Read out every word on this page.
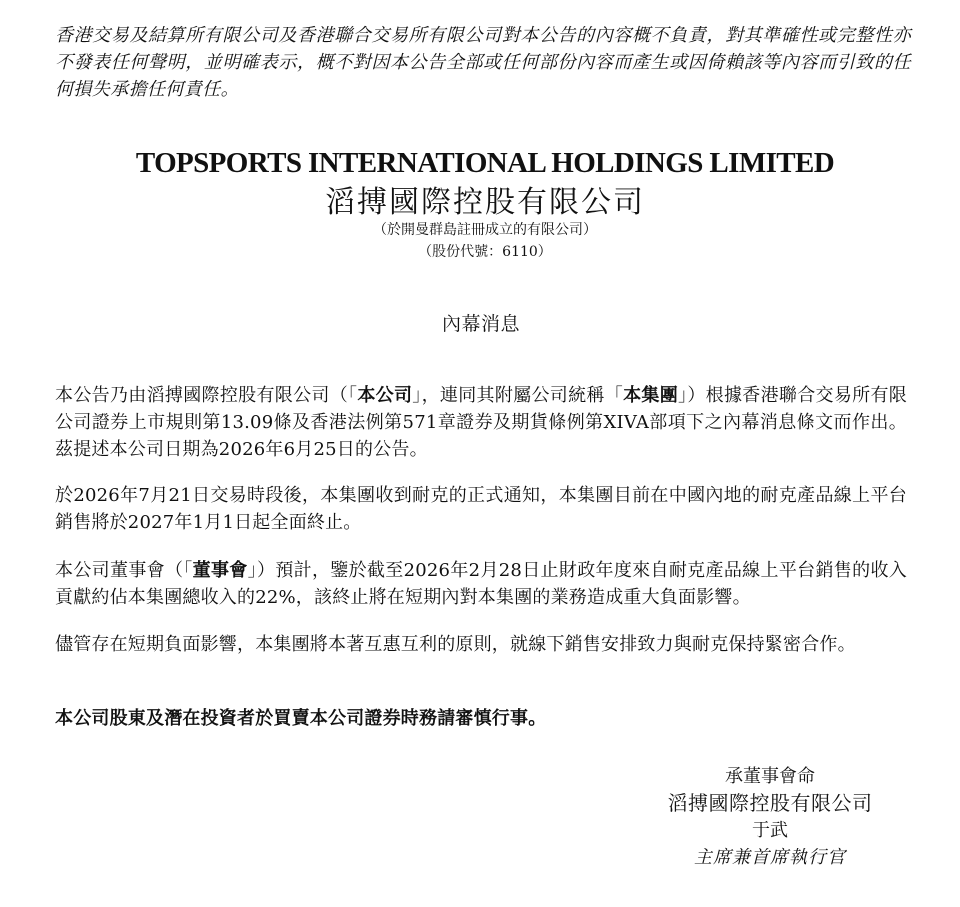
香港交易及結算所有限公司及香港聯合交易所有限公司對本公告的內容概不負責，對其準確性或完整性亦不發表任何聲明，並明確表示，概不對因本公告全部或任何部份內容而產生或因倚賴該等內容而引致的任何損失承擔任何責任。
TOPSPORTS INTERNATIONAL HOLDINGS LIMITED
滔搏國際控股有限公司
（於開曼群島註冊成立的有限公司）
（股份代號：6110）
內幕消息

本公告乃由滔搏國際控股有限公司（「本公司」，連同其附屬公司統稱「本集團」）根據香港聯合交易所有限公司證券上市規則第13.09條及香港法例第571章證券及期貨條例第XIVA部項下之內幕消息條文而作出。茲提述本公司日期為2026年6月25日的公告。

於2026年7月21日交易時段後，本集團收到耐克的正式通知，本集團目前在中國內地的耐克產品線上平台銷售將於2027年1月1日起全面終止。

本公司董事會（「董事會」）預計，鑒於截至2026年2月28日止財政年度來自耐克產品線上平台銷售的收入貢獻約佔本集團總收入的22%，該終止將在短期內對本集團的業務造成重大負面影響。

儘管存在短期負面影響，本集團將本著互惠互利的原則，就線下銷售安排致力與耐克保持緊密合作。

本公司股東及潛在投資者於買賣本公司證券時務請審慎行事。

承董事會命
滔搏國際控股有限公司
于武
主席兼首席執行官
